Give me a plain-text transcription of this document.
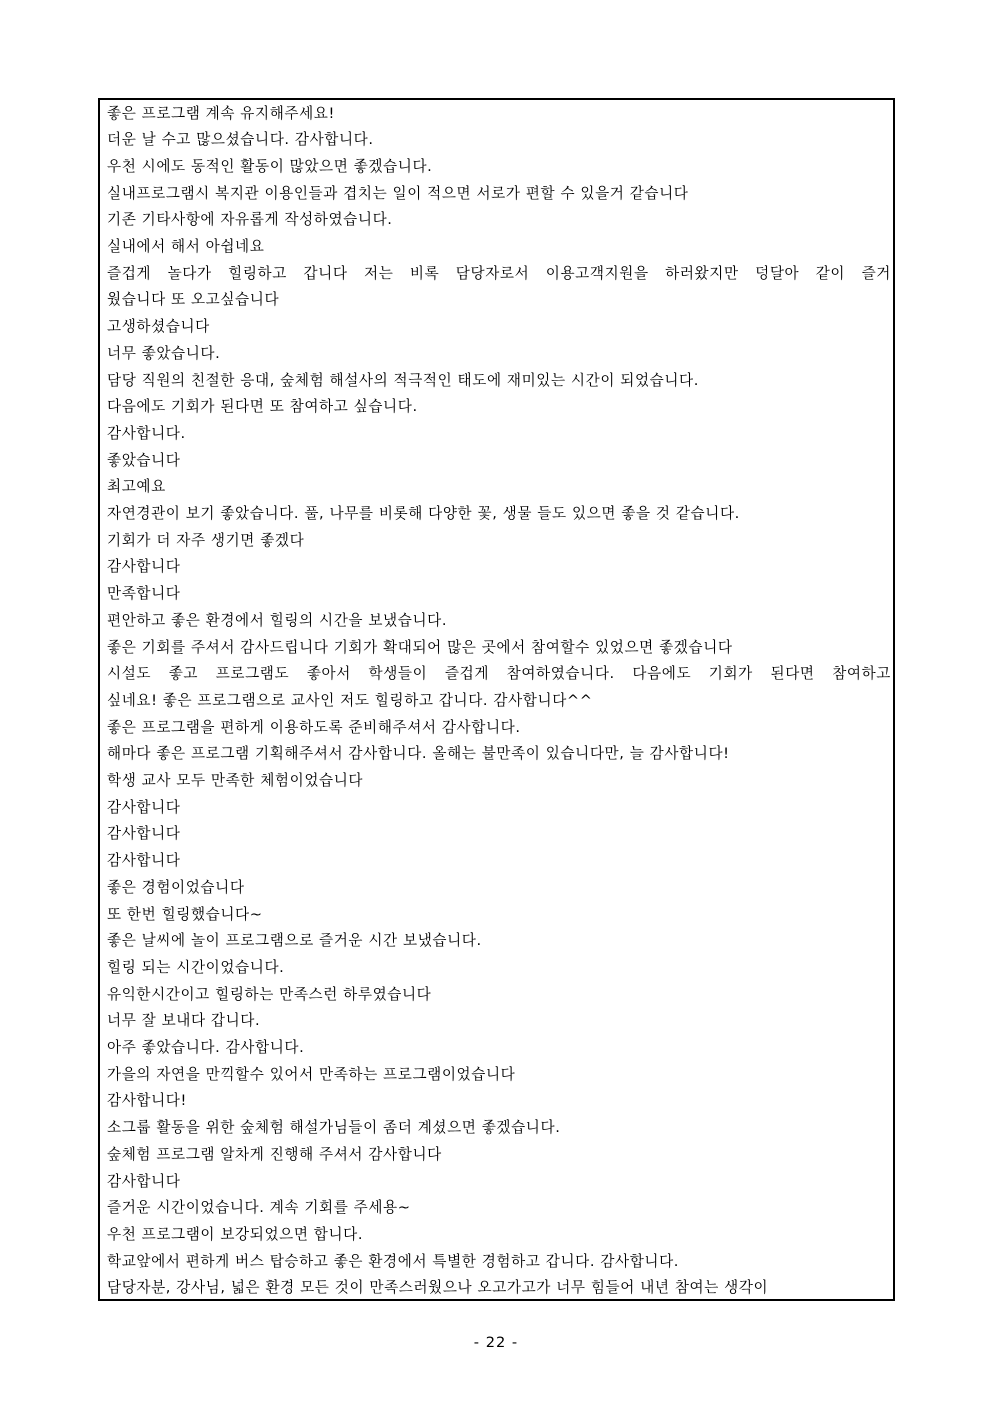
좋은 프로그램 계속 유지해주세요!
더운 날 수고 많으셨습니다. 감사합니다.
우천 시에도 동적인 활동이 많았으면 좋겠습니다.
실내프로그램시 복지관 이용인들과 겹치는 일이 적으면 서로가 편할 수 있을거 같습니다
기존 기타사항에 자유롭게 작성하였습니다.
실내에서 해서 아쉽네요
즐겁게 놀다가 힐링하고 갑니다 저는 비록 담당자로서 이용고객지원을 하러왔지만 덩달아 같이 즐거
웠습니다 또 오고싶습니다
고생하셨습니다
너무 좋았습니다.
담당 직원의 친절한 응대, 숲체험 해설사의 적극적인 태도에 재미있는 시간이 되었습니다.
다음에도 기회가 된다면 또 참여하고 싶습니다.
감사합니다.
좋았습니다
최고예요
자연경관이 보기 좋았습니다. 풀, 나무를 비롯해 다양한 꽃, 생물 들도 있으면 좋을 것 같습니다.
기회가 더 자주 생기면 좋겠다
감사합니다
만족합니다
편안하고 좋은 환경에서 힐링의 시간을 보냈습니다.
좋은 기회를 주셔서 감사드립니다 기회가 확대되어 많은 곳에서 참여할수 있었으면 좋겠습니다
시설도 좋고 프로그램도 좋아서 학생들이 즐겁게 참여하였습니다. 다음에도 기회가 된다면 참여하고
싶네요! 좋은 프로그램으로 교사인 저도 힐링하고 갑니다. 감사합니다^^
좋은 프로그램을 편하게 이용하도록 준비해주셔서 감사합니다.
해마다 좋은 프로그램 기획해주셔서 감사합니다. 올해는 불만족이 있습니다만, 늘 감사합니다!
학생 교사 모두 만족한 체험이었습니다
감사합니다
감사합니다
감사합니다
좋은 경험이었습니다
또 한번 힐링했습니다~
좋은 날씨에 놀이 프로그램으로 즐거운 시간 보냈습니다.
힐링 되는 시간이었습니다.
유익한시간이고 힐링하는 만족스런 하루였습니다
너무 잘 보내다 갑니다.
아주 좋았습니다. 감사합니다.
가을의 자연을 만끽할수 있어서 만족하는 프로그램이었습니다
감사합니다!
소그룹 활동을 위한 숲체험 해설가님들이 좀더 계셨으면 좋겠습니다.
숲체험 프로그램 알차게 진행해 주셔서 감사합니다
감사합니다
즐거운 시간이었습니다. 계속 기회를 주세용~
우천 프로그램이 보강되었으면 합니다.
학교앞에서 편하게 버스 탑승하고 좋은 환경에서 특별한 경험하고 갑니다. 감사합니다.
담당자분, 강사님, 넓은 환경 모든 것이 만족스러웠으나 오고가고가 너무 힘들어 내년 참여는 생각이
- 22 -
